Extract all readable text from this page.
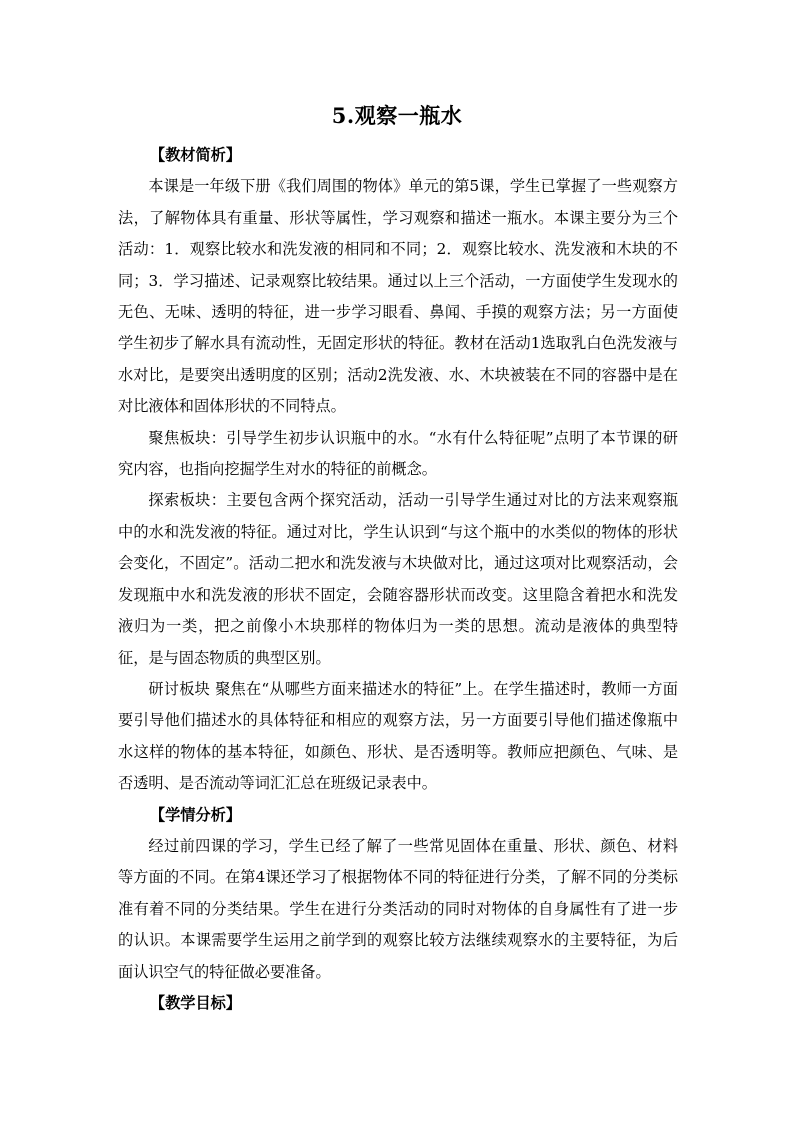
5.观察一瓶水

【教材简析】

本课是一年级下册《我们周围的物体》单元的第5课，学生已掌握了一些观察方法，了解物体具有重量、形状等属性，学习观察和描述一瓶水。本课主要分为三个活动：1．观察比较水和洗发液的相同和不同；2．观察比较水、洗发液和木块的不同；3．学习描述、记录观察比较结果。通过以上三个活动，一方面使学生发现水的无色、无味、透明的特征，进一步学习眼看、鼻闻、手摸的观察方法；另一方面使学生初步了解水具有流动性，无固定形状的特征。教材在活动1选取乳白色洗发液与水对比，是要突出透明度的区别；活动2洗发液、水、木块被装在不同的容器中是在对比液体和固体形状的不同特点。

聚焦板块：引导学生初步认识瓶中的水。“水有什么特征呢”点明了本节课的研究内容，也指向挖掘学生对水的特征的前概念。

探索板块：主要包含两个探究活动，活动一引导学生通过对比的方法来观察瓶中的水和洗发液的特征。通过对比，学生认识到“与这个瓶中的水类似的物体的形状会变化，不固定”。活动二把水和洗发液与木块做对比，通过这项对比观察活动，会发现瓶中水和洗发液的形状不固定，会随容器形状而改变。这里隐含着把水和洗发液归为一类，把之前像小木块那样的物体归为一类的思想。流动是液体的典型特征，是与固态物质的典型区别。

研讨板块 聚焦在“从哪些方面来描述水的特征”上。在学生描述时，教师一方面要引导他们描述水的具体特征和相应的观察方法，另一方面要引导他们描述像瓶中水这样的物体的基本特征，如颜色、形状、是否透明等。教师应把颜色、气味、是否透明、是否流动等词汇汇总在班级记录表中。

【学情分析】

经过前四课的学习，学生已经了解了一些常见固体在重量、形状、颜色、材料等方面的不同。在第4课还学习了根据物体不同的特征进行分类，了解不同的分类标准有着不同的分类结果。学生在进行分类活动的同时对物体的自身属性有了进一步的认识。本课需要学生运用之前学到的观察比较方法继续观察水的主要特征，为后面认识空气的特征做必要准备。

【教学目标】
